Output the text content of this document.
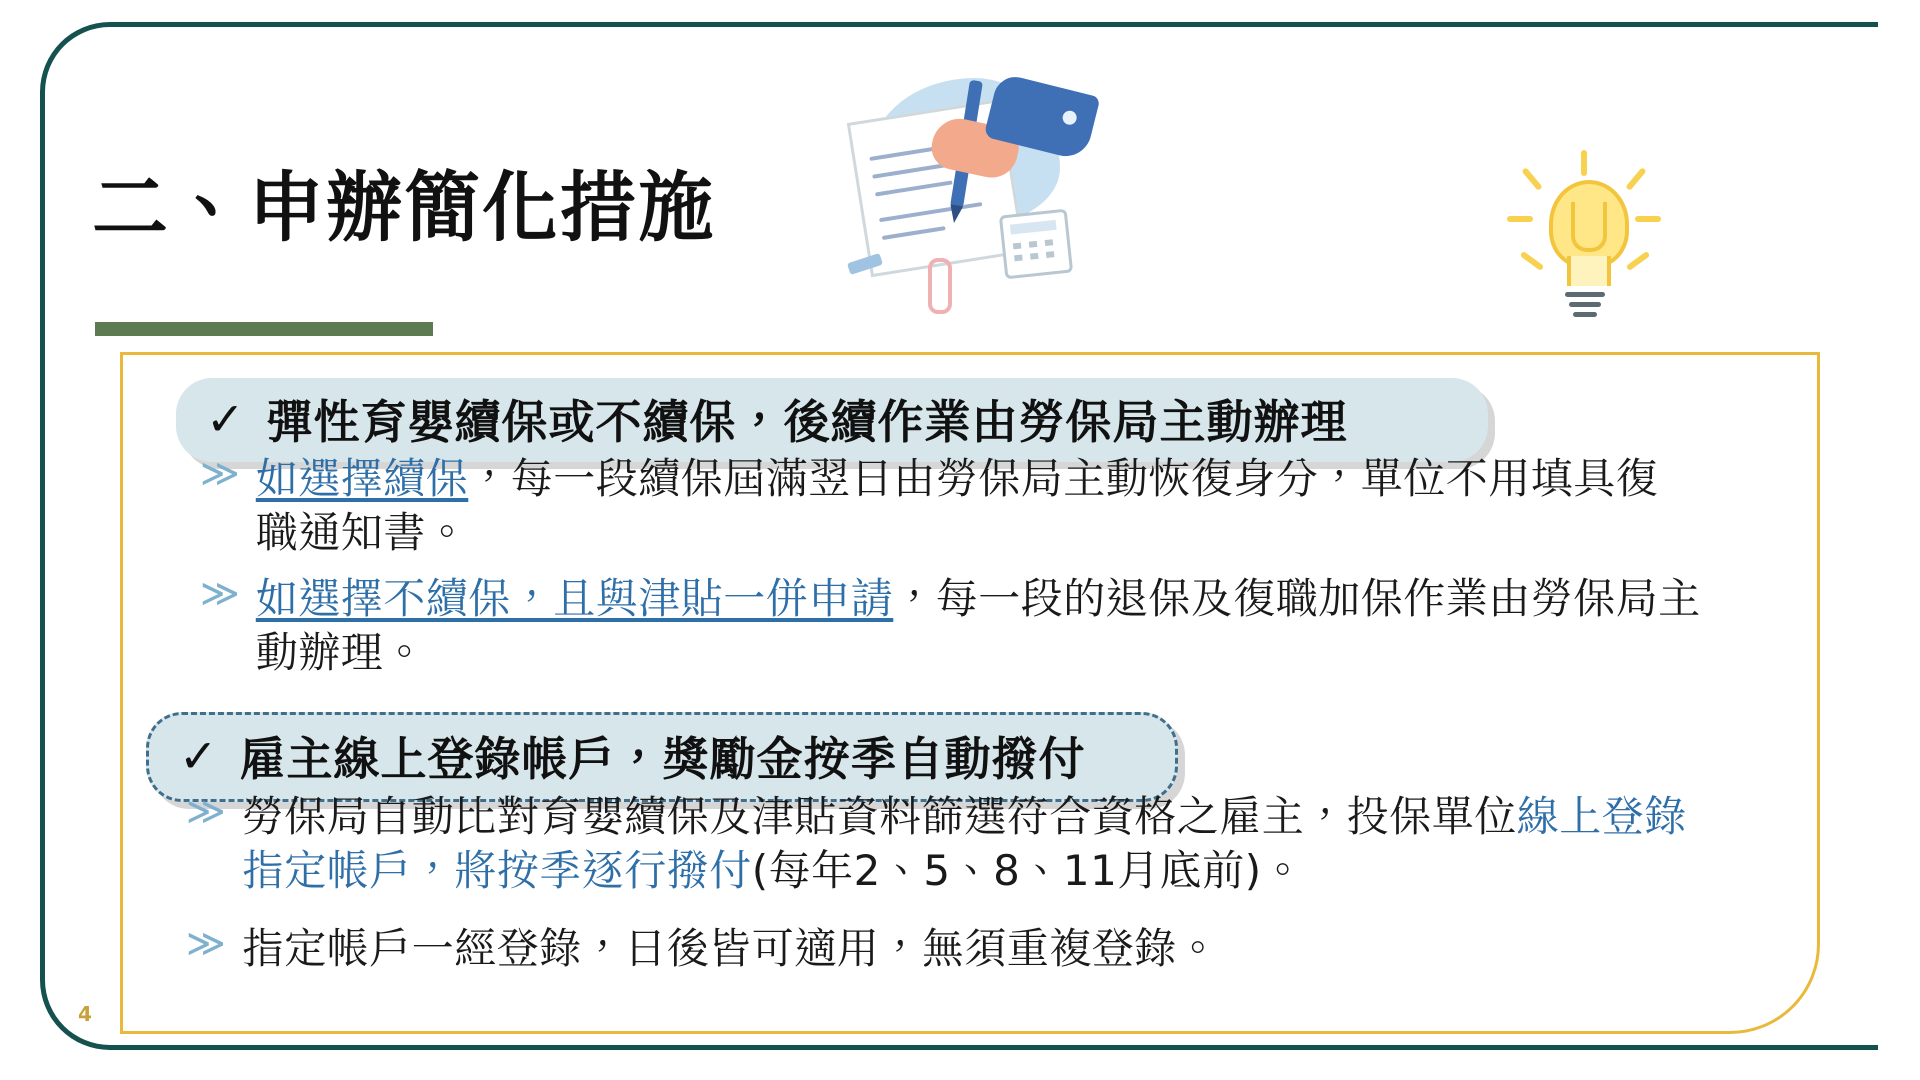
二、申辦簡化措施
✓ 彈性育嬰續保或不續保，後續作業由勞保局主動辦理
≫ 如選擇續保，每一段續保屆滿翌日由勞保局主動恢復身分，單位不用填具復職通知書。
≫ 如選擇不續保，且與津貼一併申請，每一段的退保及復職加保作業由勞保局主動辦理。
✓ 雇主線上登錄帳戶，獎勵金按季自動撥付
≫ 勞保局自動比對育嬰續保及津貼資料篩選符合資格之雇主，投保單位線上登錄指定帳戶，將按季逐行撥付(每年2、5、8、11月底前)。
≫ 指定帳戶一經登錄，日後皆可適用，無須重複登錄。
4
